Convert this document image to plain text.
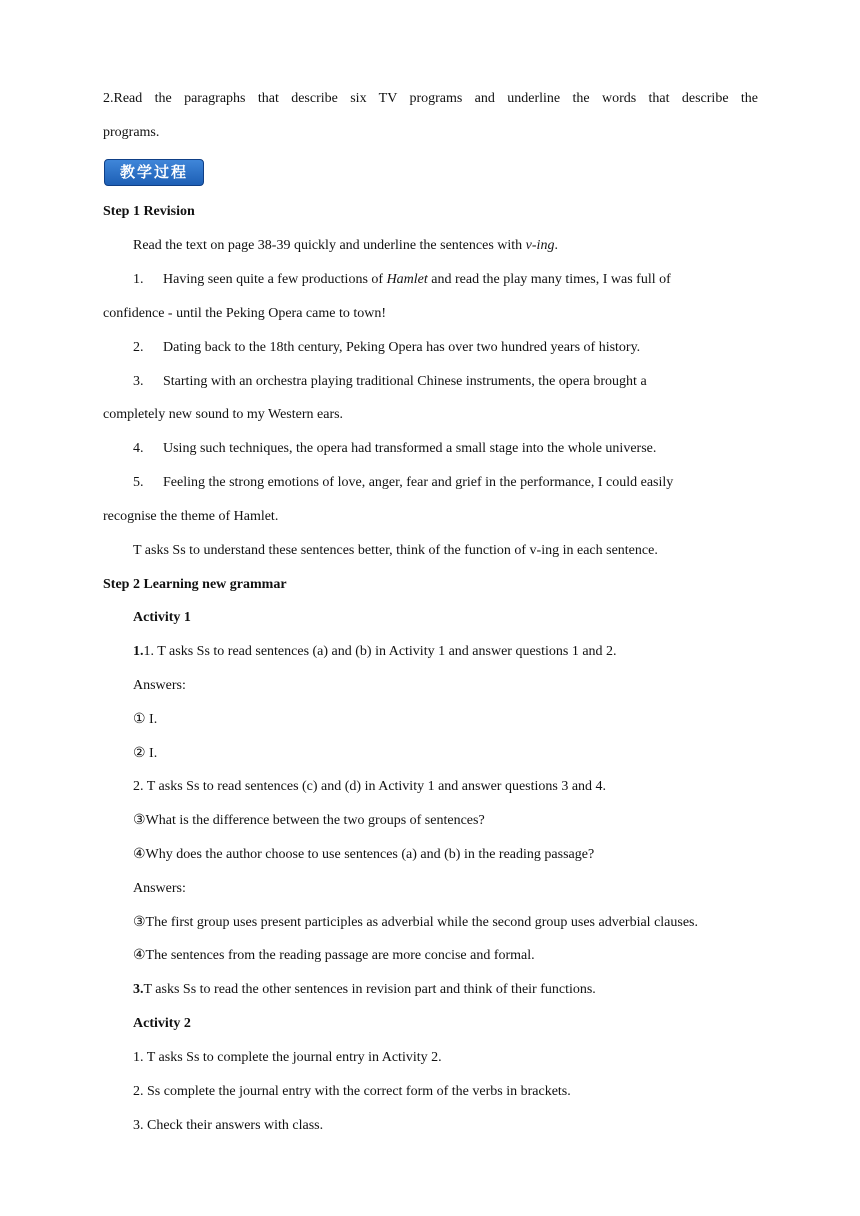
2.Read the paragraphs that describe six TV programs and underline the words that describe the
programs.
教学过程
Step 1 Revision
Read the text on page 38-39 quickly and underline the sentences with v-ing.
1. Having seen quite a few productions of Hamlet and read the play many times, I was full of
confidence - until the Peking Opera came to town!
2. Dating back to the 18th century, Peking Opera has over two hundred years of history.
3. Starting with an orchestra playing traditional Chinese instruments, the opera brought a
completely new sound to my Western ears.
4. Using such techniques, the opera had transformed a small stage into the whole universe.
5. Feeling the strong emotions of love, anger, fear and grief in the performance, I could easily
recognise the theme of Hamlet.
T asks Ss to understand these sentences better, think of the function of v-ing in each sentence.
Step 2 Learning new grammar
Activity 1
1.1. T asks Ss to read sentences (a) and (b) in Activity 1 and answer questions 1 and 2.
Answers:
① I.
② I.
2. T asks Ss to read sentences (c) and (d) in Activity 1 and answer questions 3 and 4.
③What is the difference between the two groups of sentences?
④Why does the author choose to use sentences (a) and (b) in the reading passage?
Answers:
③The first group uses present participles as adverbial while the second group uses adverbial clauses.
④The sentences from the reading passage are more concise and formal.
3.T asks Ss to read the other sentences in revision part and think of their functions.
Activity 2
1. T asks Ss to complete the journal entry in Activity 2.
2. Ss complete the journal entry with the correct form of the verbs in brackets.
3. Check their answers with class.
